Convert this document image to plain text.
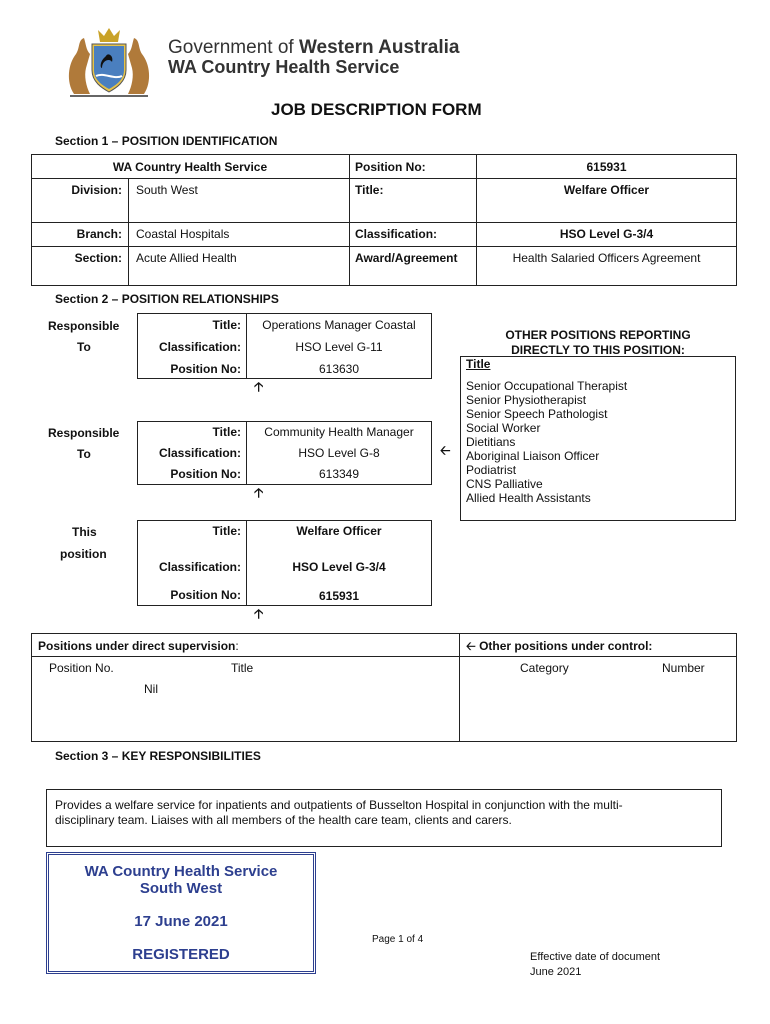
Government of Western Australia
WA Country Health Service
JOB DESCRIPTION FORM
Section 1 – POSITION IDENTIFICATION
WA Country Health Service	Position No:	615931
Division: South West	Title:	Welfare Officer
Branch: Coastal Hospitals	Classification:	HSO Level G-3/4
Section: Acute Allied Health	Award/Agreement	Health Salaried Officers Agreement
Section 2 – POSITION RELATIONSHIPS
Responsible
To
Title:	Operations Manager Coastal
Classification:	HSO Level G-11
Position No:	613630
🡡
Responsible
To
Title:	Community Health Manager
Classification:	HSO Level G-8
Position No:	613349
🡠
🡡
This
position
Title:	Welfare Officer
Classification:	HSO Level G-3/4
Position No:	615931
🡡
OTHER POSITIONS REPORTING
DIRECTLY TO THIS POSITION:
Title
Senior Occupational Therapist
Senior Physiotherapist
Senior Speech Pathologist
Social Worker
Dietitians
Aboriginal Liaison Officer
Podiatrist
CNS Palliative
Allied Health Assistants
Positions under direct supervision:	🡠 Other positions under control:
Position No.	Title
Nil
Category	Number
Section 3 – KEY RESPONSIBILITIES
Provides a welfare service for inpatients and outpatients of Busselton Hospital in conjunction with the multi-
disciplinary team. Liaises with all members of the health care team, clients and carers.
WA Country Health Service
South West
17 June 2021
REGISTERED
Page 1 of 4
Effective date of document
June 2021
